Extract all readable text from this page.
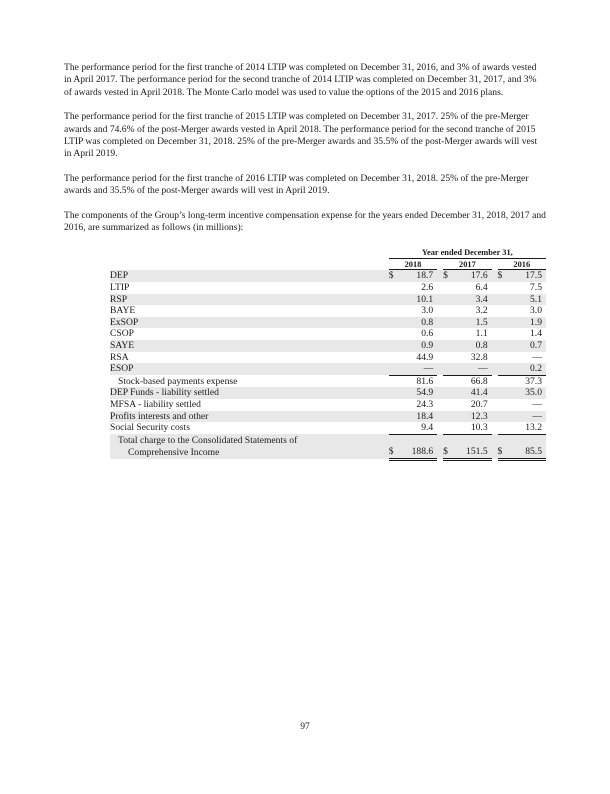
The performance period for the first tranche of 2014 LTIP was completed on December 31, 2016, and 3% of awards vested in April 2017. The performance period for the second tranche of 2014 LTIP was completed on December 31, 2017, and 3% of awards vested in April 2018. The Monte Carlo model was used to value the options of the 2015 and 2016 plans.

The performance period for the first tranche of 2015 LTIP was completed on December 31, 2017. 25% of the pre-Merger awards and 74.6% of the post-Merger awards vested in April 2018. The performance period for the second tranche of 2015 LTIP was completed on December 31, 2018. 25% of the pre-Merger awards and 35.5% of the post-Merger awards will vest in April 2019.

The performance period for the first tranche of 2016 LTIP was completed on December 31, 2018. 25% of the pre-Merger awards and 35.5% of the post-Merger awards will vest in April 2019.

The components of the Group’s long-term incentive compensation expense for the years ended December 31, 2018, 2017 and 2016, are summarized as follows (in millions):

	Year ended December 31,							
	2018			2017			2016	
DEP	$	18.7		$	17.6		$	17.5
LTIP		2.6			6.4			7.5
RSP		10.1			3.4			5.1
BAYE		3.0			3.2			3.0
ExSOP		0.8			1.5			1.9
CSOP		0.6			1.1			1.4
SAYE		0.9			0.8			0.7
RSA		44.9			32.8			—
ESOP		—			—			0.2
Stock-based payments expense		81.6			66.8			37.3
DEP Funds - liability settled		54.9			41.4			35.0
MFSA - liability settled		24.3			20.7			—
Profits interests and other		18.4			12.3			—
Social Security costs		9.4			10.3			13.2
Total charge to the Consolidated Statements of								
Comprehensive Income	$	188.6		$	151.5		$	85.5
97
